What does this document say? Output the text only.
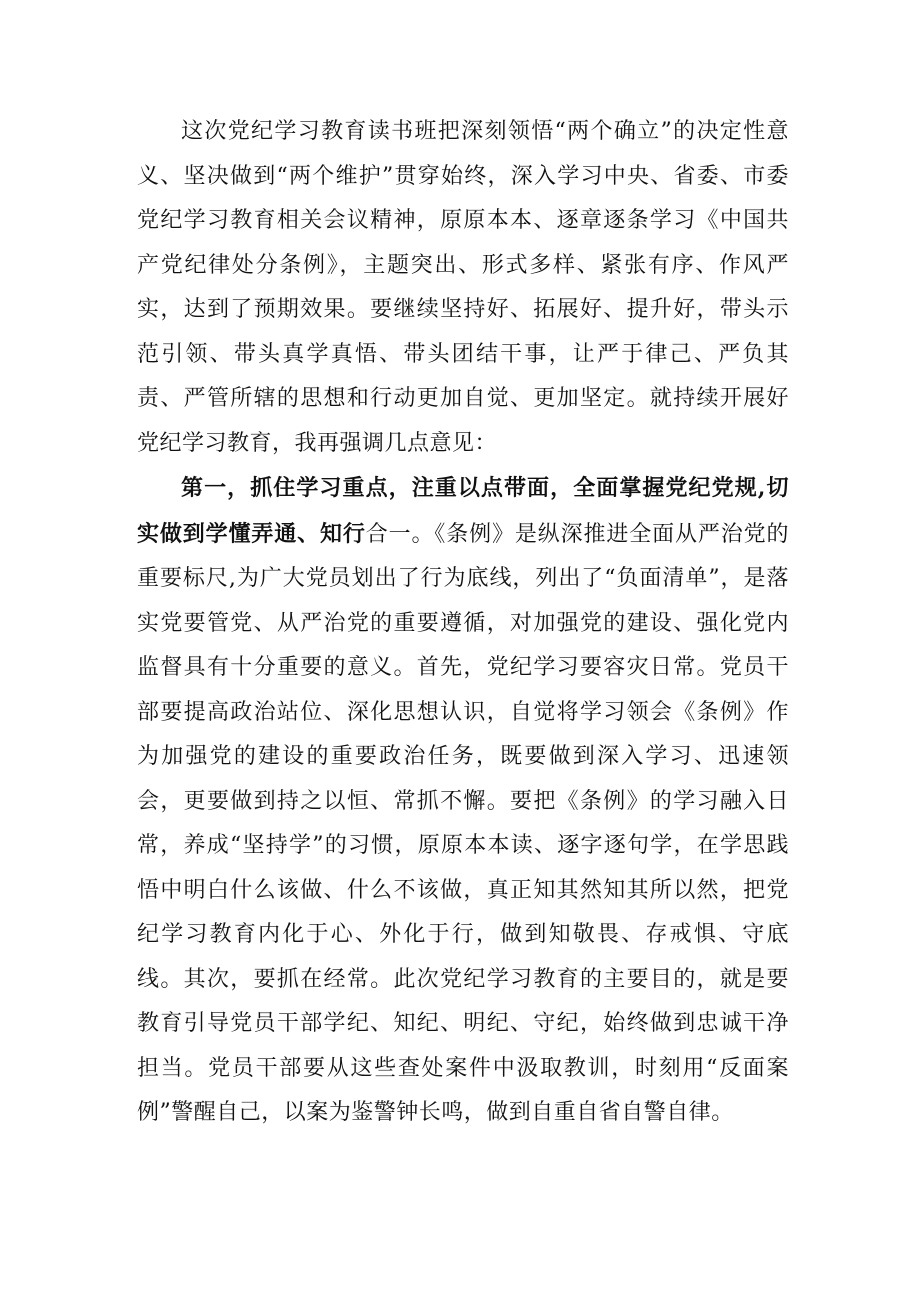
这次党纪学习教育读书班把深刻领悟“两个确立”的决定性意义、坚决做到“两个维护”贯穿始终，深入学习中央、省委、市委党纪学习教育相关会议精神，原原本本、逐章逐条学习《中国共产党纪律处分条例》，主题突出、形式多样、紧张有序、作风严实，达到了预期效果。要继续坚持好、拓展好、提升好，带头示范引领、带头真学真悟、带头团结干事，让严于律己、严负其责、严管所辖的思想和行动更加自觉、更加坚定。就持续开展好党纪学习教育，我再强调几点意见：

第一，抓住学习重点，注重以点带面，全面掌握党纪党规,切实做到学懂弄通、知行合一。《条例》是纵深推进全面从严治党的重要标尺,为广大党员划出了行为底线，列出了“负面清单”，是落实党要管党、从严治党的重要遵循，对加强党的建设、强化党内监督具有十分重要的意义。首先，党纪学习要容灾日常。党员干部要提高政治站位、深化思想认识，自觉将学习领会《条例》作为加强党的建设的重要政治任务，既要做到深入学习、迅速领会，更要做到持之以恒、常抓不懈。要把《条例》的学习融入日常，养成“坚持学”的习惯，原原本本读、逐字逐句学，在学思践悟中明白什么该做、什么不该做，真正知其然知其所以然，把党纪学习教育内化于心、外化于行，做到知敬畏、存戒惧、守底线。其次，要抓在经常。此次党纪学习教育的主要目的，就是要教育引导党员干部学纪、知纪、明纪、守纪，始终做到忠诚干净担当。党员干部要从这些查处案件中汲取教训，时刻用“反面案例”警醒自己，以案为鉴警钟长鸣，做到自重自省自警自律。
